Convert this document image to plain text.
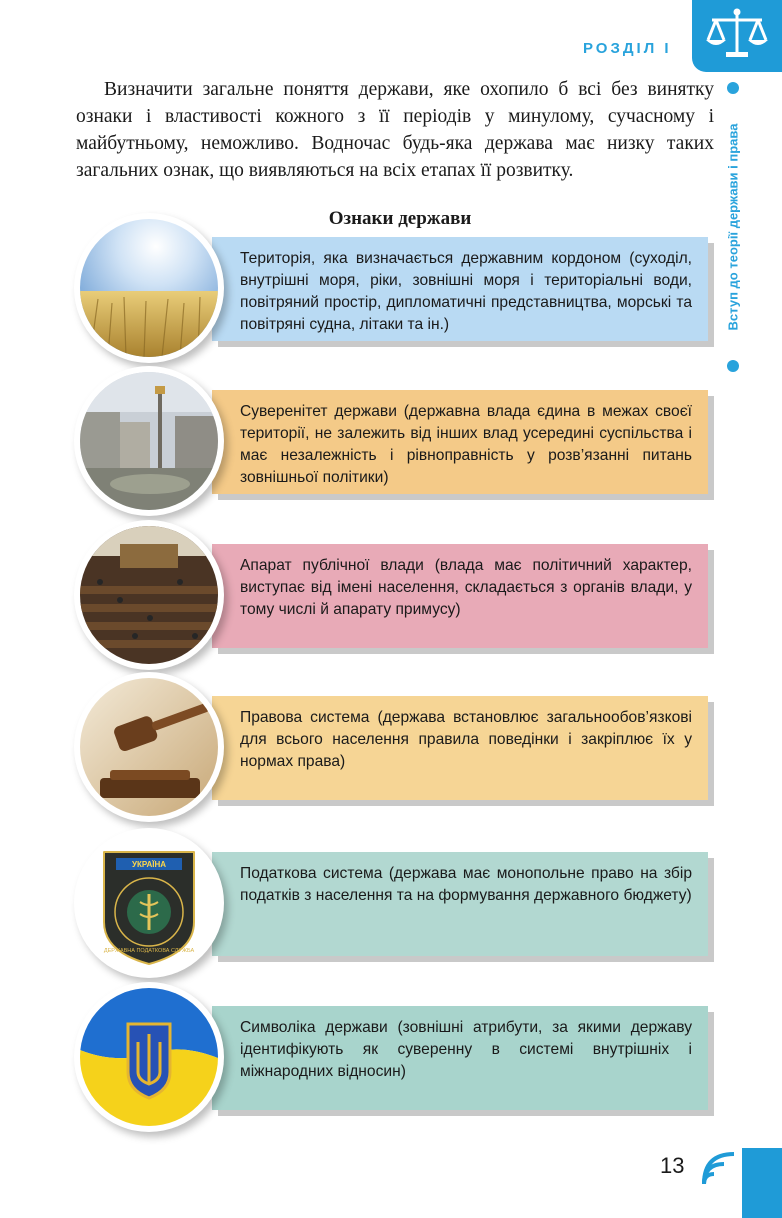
РОЗДІЛ І
Вступ до теорії держави і права

Визначити загальне поняття держави, яке охопило б всі без винятку ознаки і властивості кожного з її періодів у минулому, сучасному і майбутньому, неможливо. Водночас будь-яка держава має низку таких загальних ознак, що виявляються на всіх етапах її розвитку.

Ознаки держави
Територія, яка визначається державним кордоном (суходіл, внутрішні моря, ріки, зовнішні моря і територіальні води, повітряний простір, дипломатичні представництва, морські та повітряні судна, літаки та ін.)
Суверенітет держави (державна влада єдина в межах своєї території, не залежить від інших влад усередині суспільства і має незалежність і рівноправність у розв’язанні питань зовнішньої політики)
Апарат публічної влади (влада має політичний характер, виступає від імені населення, складається з органів влади, у тому числі й апарату примусу)
Правова система (держава встановлює загальнообов’язкові для всього населення правила поведінки і закріплює їх у нормах права)
Податкова система (держава має монопольне право на збір податків з населення та на формування державного бюджету)
УКРАЇНА
ДЕРЖАВНА ПОДАТКОВА СЛУЖБА
Символіка держави (зовнішні атрибути, за якими державу ідентифікують як суверенну в системі внутрішніх і міжнародних відносин)
13
